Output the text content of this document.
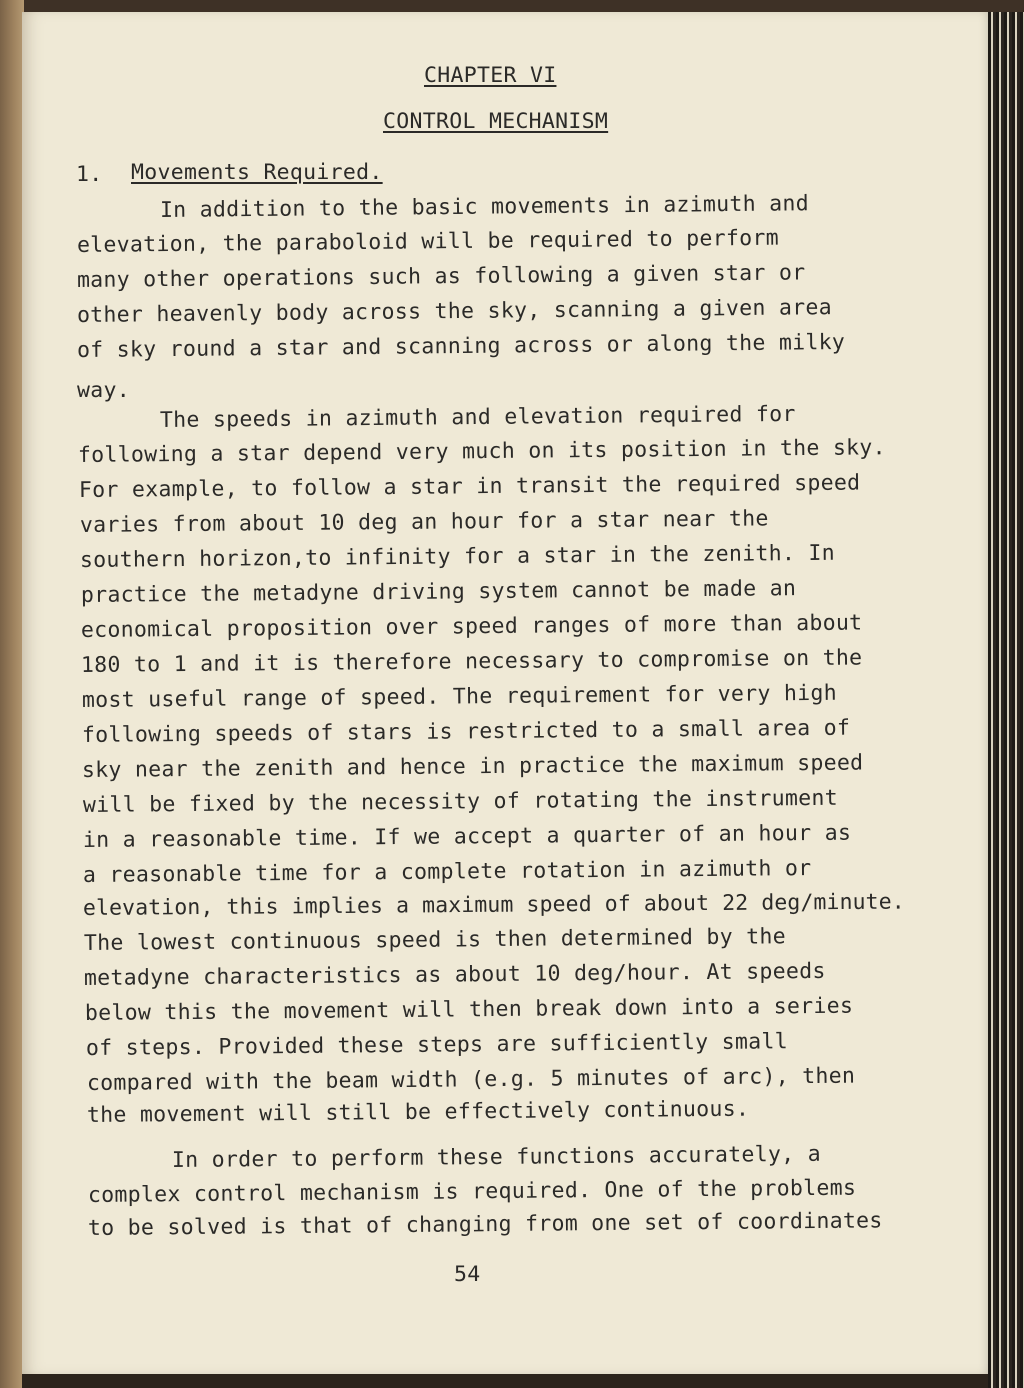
CHAPTER VI

CONTROL MECHANISM

1. Movements Required.

In addition to the basic movements in azimuth and

elevation, the paraboloid will be required to perform

many other operations such as following a given star or

other heavenly body across the sky, scanning a given area

of sky round a star and scanning across or along the milky

way.

The speeds in azimuth and elevation required for

following a star depend very much on its position in the sky.

For example, to follow a star in transit the required speed

varies from about 10 deg an hour for a star near the

southern horizon,to infinity for a star in the zenith. In

practice the metadyne driving system cannot be made an

economical proposition over speed ranges of more than about

180 to 1 and it is therefore necessary to compromise on the

most useful range of speed. The requirement for very high

following speeds of stars is restricted to a small area of

sky near the zenith and hence in practice the maximum speed

will be fixed by the necessity of rotating the instrument

in a reasonable time. If we accept a quarter of an hour as

a reasonable time for a complete rotation in azimuth or

elevation, this implies a maximum speed of about 22 deg/minute.

The lowest continuous speed is then determined by the

metadyne characteristics as about 10 deg/hour. At speeds

below this the movement will then break down into a series

of steps. Provided these steps are sufficiently small

compared with the beam width (e.g. 5 minutes of arc), then

the movement will still be effectively continuous.

In order to perform these functions accurately, a

complex control mechanism is required. One of the problems

to be solved is that of changing from one set of coordinates

54
